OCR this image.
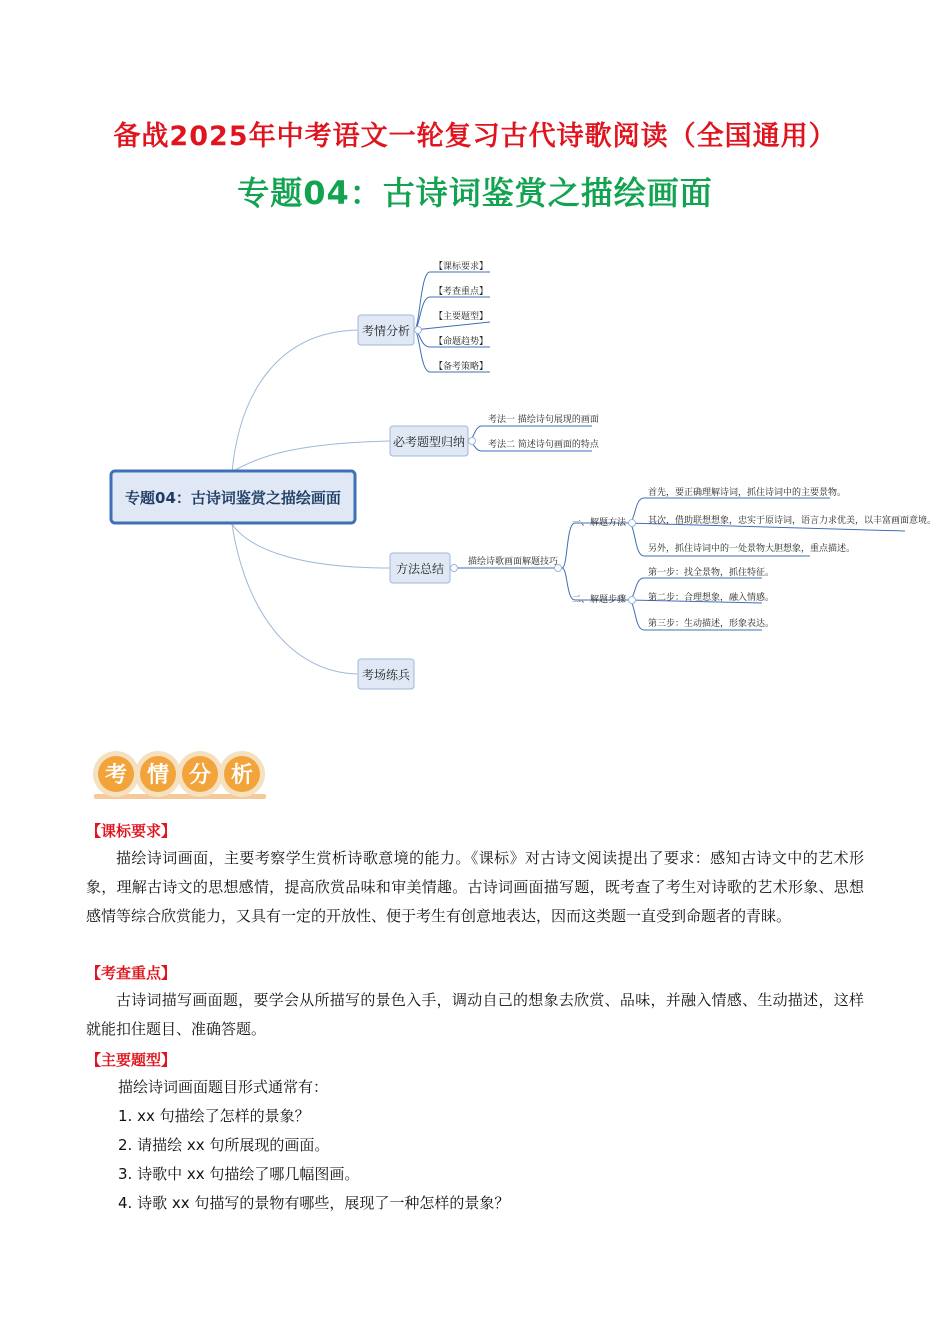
备战2025年中考语文一轮复习古代诗歌阅读（全国通用）
专题04：古诗词鉴赏之描绘画面
专题04：古诗词鉴赏之描绘画面
考情分析
必考题型归纳
方法总结
考场练兵
【课标要求】
【考查重点】
【主要题型】
【命题趋势】
【备考策略】
考法一 描绘诗句展现的画面
考法二 简述诗句画面的特点
描绘诗歌画面解题技巧
一、解题方法
二、解题步骤
首先，要正确理解诗词，抓住诗词中的主要景物。
其次，借助联想想象，忠实于原诗词，语言力求优美，以丰富画面意境。
另外，抓住诗词中的一处景物大胆想象，重点描述。
第一步：找全景物，抓住特征。
第二步：合理想象，融入情感。
第三步：生动描述，形象表达。
考 情 分 析
【课标要求】
描绘诗词画面，主要考察学生赏析诗歌意境的能力。《课标》对古诗文阅读提出了要求：感知古诗文中的艺术形象，理解古诗文的思想感情，提高欣赏品味和审美情趣。古诗词画面描写题，既考查了考生对诗歌的艺术形象、思想感情等综合欣赏能力，又具有一定的开放性、便于考生有创意地表达，因而这类题一直受到命题者的青睐。
【考查重点】
古诗词描写画面题，要学会从所描写的景色入手，调动自己的想象去欣赏、品味，并融入情感、生动描述，这样就能扣住题目、准确答题。
【主要题型】
描绘诗词画面题目形式通常有：
1. xx 句描绘了怎样的景象？
2. 请描绘 xx 句所展现的画面。
3. 诗歌中 xx 句描绘了哪几幅图画。
4. 诗歌 xx 句描写的景物有哪些，展现了一种怎样的景象？
